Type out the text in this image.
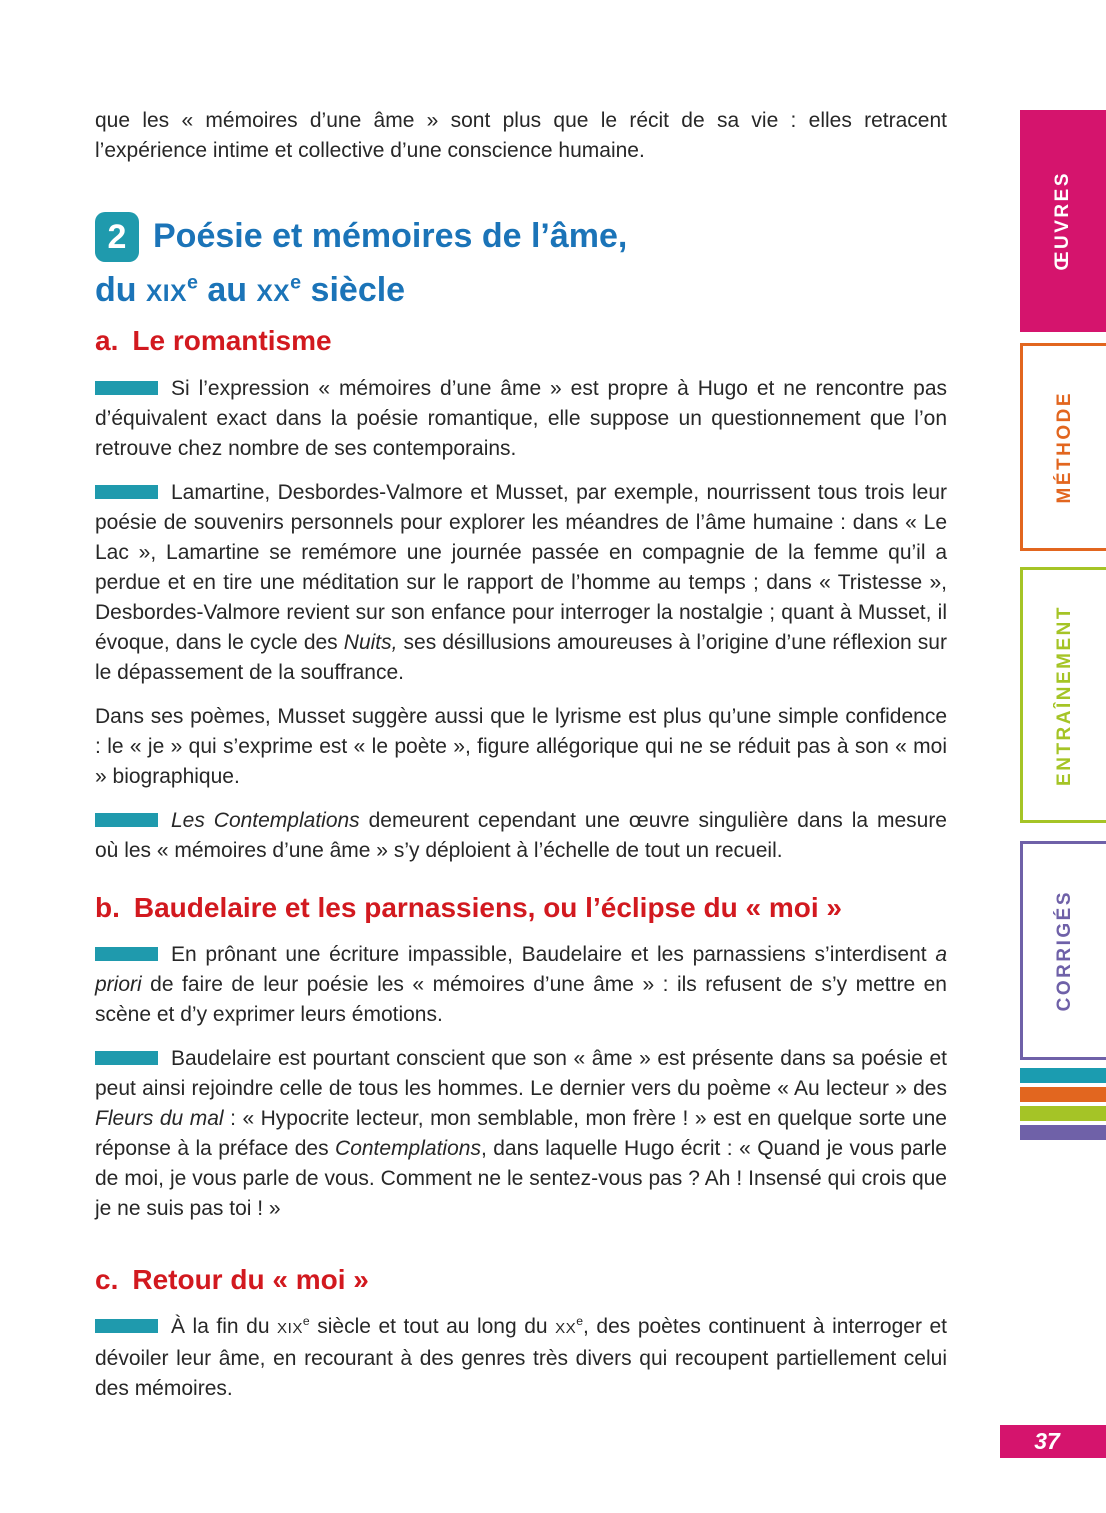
que les « mémoires d’une âme » sont plus que le récit de sa vie : elles retracent l’expérience intime et collective d’une conscience humaine.

2 Poésie et mémoires de l’âme,
du XIXe au XXe siècle
a. Le romantisme

Si l’expression « mémoires d’une âme » est propre à Hugo et ne rencontre pas d’équivalent exact dans la poésie romantique, elle suppose un questionnement que l’on retrouve chez nombre de ses contemporains.

Lamartine, Desbordes-Valmore et Musset, par exemple, nourrissent tous trois leur poésie de souvenirs personnels pour explorer les méandres de l’âme humaine : dans « Le Lac », Lamartine se remémore une journée passée en compagnie de la femme qu’il a perdue et en tire une méditation sur le rapport de l’homme au temps ; dans « Tristesse », Desbordes-Valmore revient sur son enfance pour interroger la nostalgie ; quant à Musset, il évoque, dans le cycle des Nuits, ses désillusions amoureuses à l’origine d’une réflexion sur le dépassement de la souffrance.

Dans ses poèmes, Musset suggère aussi que le lyrisme est plus qu’une simple confidence : le « je » qui s’exprime est « le poète », figure allégorique qui ne se réduit pas à son « moi » biographique.

Les Contemplations demeurent cependant une œuvre singulière dans la mesure où les « mémoires d’une âme » s’y déploient à l’échelle de tout un recueil.

b. Baudelaire et les parnassiens, ou l’éclipse du « moi »

En prônant une écriture impassible, Baudelaire et les parnassiens s’interdisent a priori de faire de leur poésie les « mémoires d’une âme » : ils refusent de s’y mettre en scène et d’y exprimer leurs émotions.

Baudelaire est pourtant conscient que son « âme » est présente dans sa poésie et peut ainsi rejoindre celle de tous les hommes. Le dernier vers du poème « Au lecteur » des Fleurs du mal : « Hypocrite lecteur, mon semblable, mon frère ! » est en quelque sorte une réponse à la préface des Contemplations, dans laquelle Hugo écrit : « Quand je vous parle de moi, je vous parle de vous. Comment ne le sentez-vous pas ? Ah ! Insensé qui crois que je ne suis pas toi ! »

c. Retour du « moi »

À la fin du XIXe siècle et tout au long du XXe, des poètes continuent à interroger et dévoiler leur âme, en recourant à des genres très divers qui recoupent partiellement celui des mémoires.

ŒUVRES
MÉTHODE
ENTRAÎNEMENT
CORRIGÉS
37
